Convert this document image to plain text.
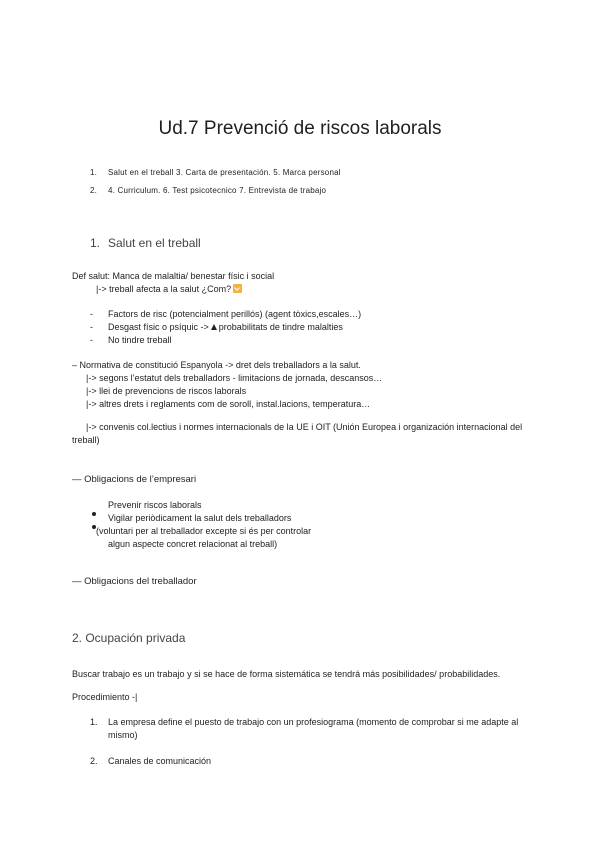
Ud.7 Prevenció de riscos laborals
1. Salut en el treball 3. Carta de presentación. 5. Marca personal
2. 4. Curriculum. 6. Test psicotecnico 7. Entrevista de trabajo
1. Salut en el treball
Def salut: Manca de malaltia/ benestar físic i social
|-> treball afecta a la salut ¿Com?
- Factors de risc (potencialment perillós) (agent tòxics,escales…)
- Desgast físic o psíquic -> probabilitats de tindre malalties
- No tindre treball
– Normativa de constitució Espanyola -> dret dels treballadors a la salut.
|-> segons l’estatut dels treballadors - limitacions de jornada, descansos…
|-> llei de prevencions de riscos laborals
|-> altres drets i reglaments com de soroll, instal.lacions, temperatura…
|-> convenis col.lectius i normes internacionals de la UE i OIT (Unión Europea i organización internacional del
treball)
— Obligacions de l’empresari
Prevenir riscos laborals
Vigilar periòdicament la salut dels treballadors
(voluntari per al treballador excepte si és per controlar
algun aspecte concret relacionat al treball)
— Obligacions del treballador
2. Ocupación privada
Buscar trabajo es un trabajo y si se hace de forma sistemática se tendrá más posibilidades/ probabilidades.
Procedimiento -|
1. La empresa define el puesto de trabajo con un profesiograma (momento de comprobar si me adapte al
mismo)
2. Canales de comunicación
